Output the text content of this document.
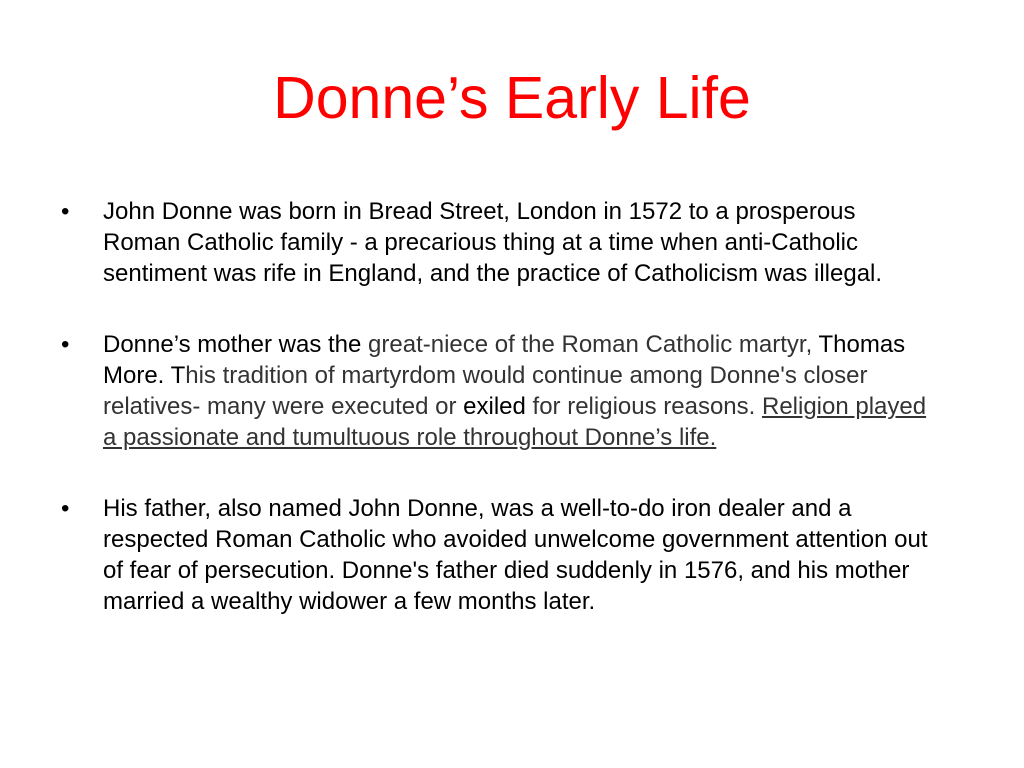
Donne’s Early Life
• John Donne was born in Bread Street, London in 1572 to a prosperous Roman Catholic family - a precarious thing at a time when anti-Catholic sentiment was rife in England, and the practice of Catholicism was illegal.
• Donne’s mother was the great-niece of the Roman Catholic martyr, Thomas More. This tradition of martyrdom would continue among Donne's closer relatives- many were executed or exiled for religious reasons. Religion played a passionate and tumultuous role throughout Donne’s life.
• His father, also named John Donne, was a well-to-do iron dealer and a respected Roman Catholic who avoided unwelcome government attention out of fear of persecution. Donne's father died suddenly in 1576, and his mother married a wealthy widower a few months later.
